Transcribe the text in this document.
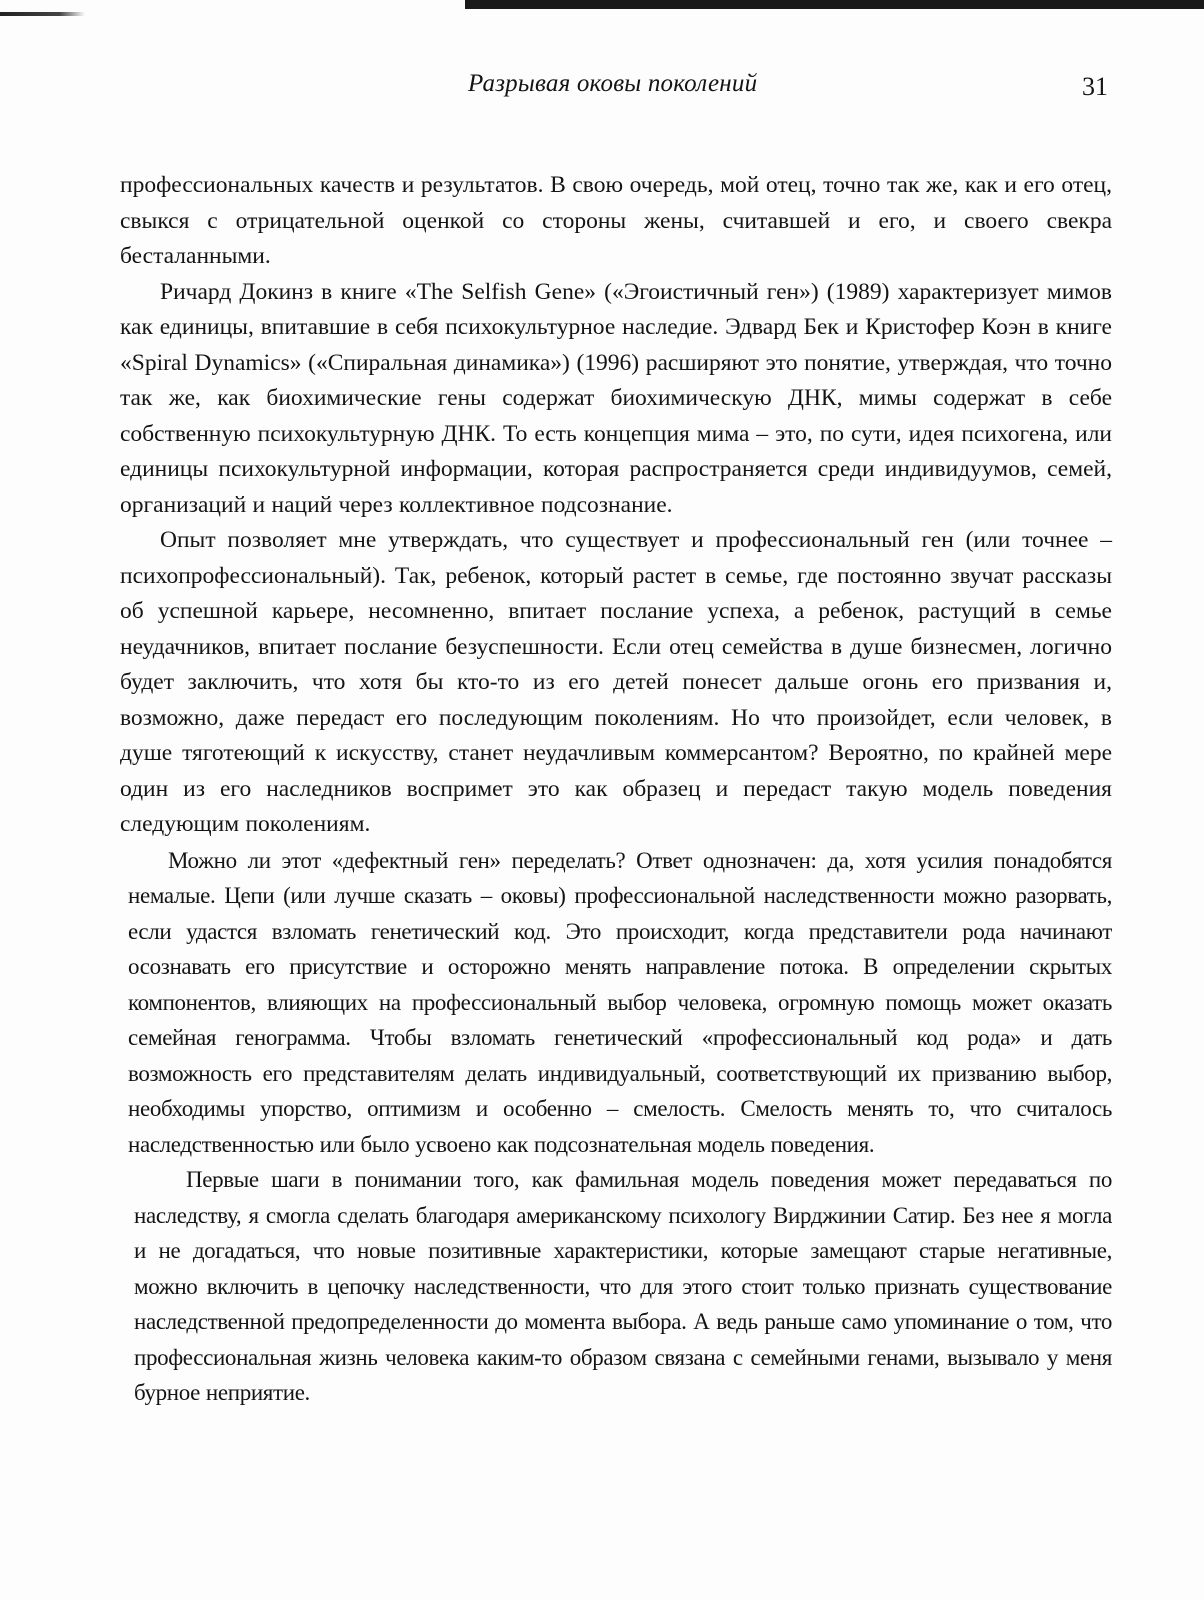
Разрывая оковы поколений	31

профессиональных качеств и результатов. В свою очередь, мой отец, точно так же, как и его отец, свыкся с отрицательной оценкой со стороны жены, считавшей и его, и своего свекра бесталанными.

Ричард Докинз в книге «The Selfish Gene» («Эгоистичный ген») (1989) характеризует мимов как единицы, впитавшие в себя психокультурное наследие. Эдвард Бек и Кристофер Коэн в книге «Spiral Dynamics» («Спиральная динамика») (1996) расширяют это понятие, утверждая, что точно так же, как биохимические гены содержат биохимическую ДНК, мимы содержат в себе собственную психокультурную ДНК. То есть концепция мима – это, по сути, идея психогена, или единицы психокультурной информации, которая распространяется среди индивидуумов, семей, организаций и наций через коллективное подсознание.

Опыт позволяет мне утверждать, что существует и профессиональный ген (или точнее – психопрофессиональный). Так, ребенок, который растет в семье, где постоянно звучат рассказы об успешной карьере, несомненно, впитает послание успеха, а ребенок, растущий в семье неудачников, впитает послание безуспешности. Если отец семейства в душе бизнесмен, логично будет заключить, что хотя бы кто-то из его детей понесет дальше огонь его призвания и, возможно, даже передаст его последующим поколениям. Но что произойдет, если человек, в душе тяготеющий к искусству, станет неудачливым коммерсантом? Вероятно, по крайней мере один из его наследников воспримет это как образец и передаст такую модель поведения следующим поколениям.

Можно ли этот «дефектный ген» переделать? Ответ однозначен: да, хотя усилия понадобятся немалые. Цепи (или лучше сказать – оковы) профессиональной наследственности можно разорвать, если удастся взломать генетический код. Это происходит, когда представители рода начинают осознавать его присутствие и осторожно менять направление потока. В определении скрытых компонентов, влияющих на профессиональный выбор человека, огромную помощь может оказать семейная генограмма. Чтобы взломать генетический «профессиональный код рода» и дать возможность его представителям делать индивидуальный, соответствующий их призванию выбор, необходимы упорство, оптимизм и особенно – смелость. Смелость менять то, что считалось наследственностью или было усвоено как подсознательная модель поведения.

Первые шаги в понимании того, как фамильная модель поведения может передаваться по наследству, я смогла сделать благодаря американскому психологу Вирджинии Сатир. Без нее я могла и не догадаться, что новые позитивные характеристики, которые замещают старые негативные, можно включить в цепочку наследственности, что для этого стоит только признать существование наследственной предопределенности до момента выбора. А ведь раньше само упоминание о том, что профессиональная жизнь человека каким-то образом связана с семейными генами, вызывало у меня бурное неприятие.
